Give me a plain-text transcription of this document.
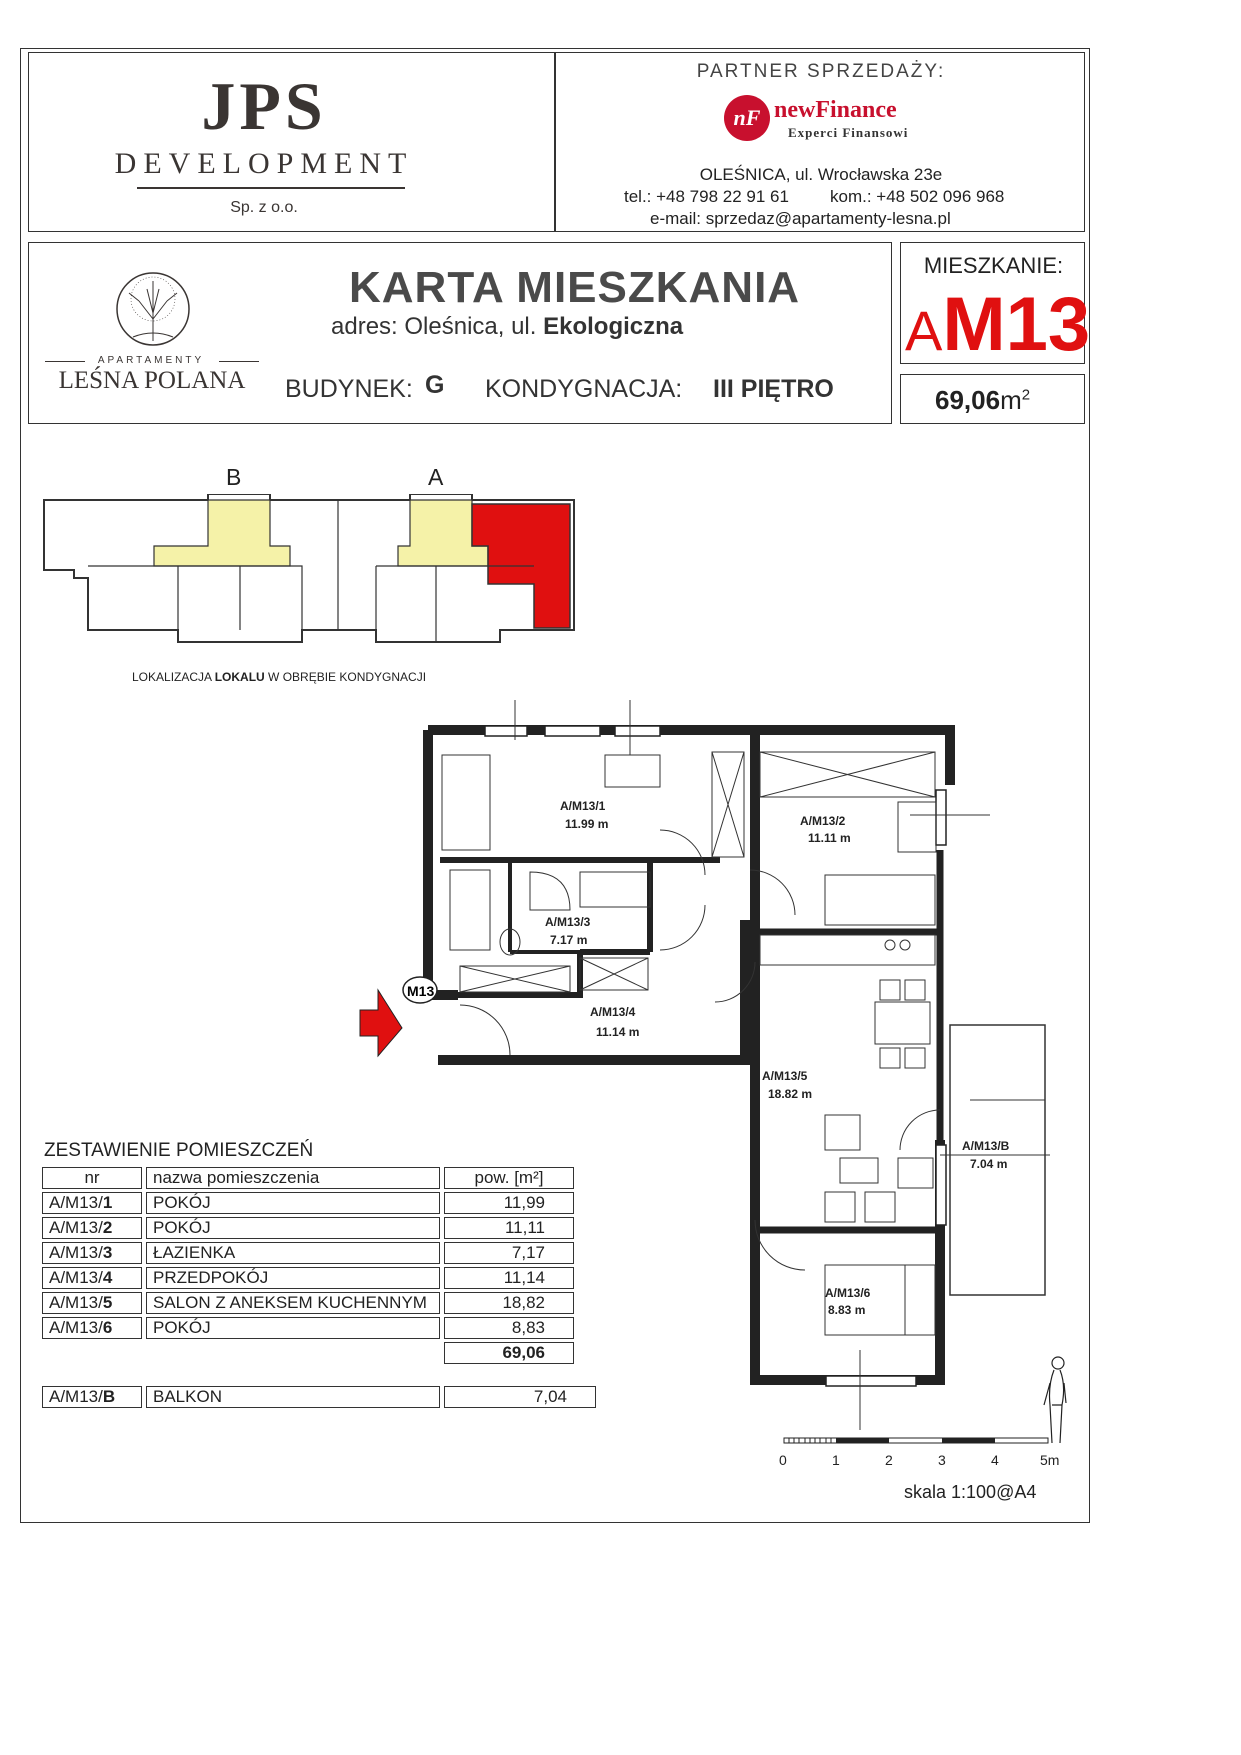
JPS
DEVELOPMENT
Sp. z o.o.
PARTNER SPRZEDAŻY:
nF newFinance
Experci Finansowi
OLEŚNICA, ul. Wrocławska 23e
tel.: +48 798 22 91 61 kom.: +48 502 096 968
e-mail: sprzedaz@apartamenty-lesna.pl
APARTAMENTY
LEŚNA POLANA
KARTA MIESZKANIA
adres: Oleśnica, ul. Ekologiczna
BUDYNEK: G KONDYGNACJA: III PIĘTRO
MIESZKANIE:
AM13
$69,06m^2$
B	A
LOKALIZACJA LOKALU W OBRĘBIE KONDYGNACJI
M13
A/M13/1
11.99 m	A/M13/2
11.11 m
A/M13/3
7.17 m
A/M13/4
11.14 m
A/M13/5
18.82 m
A/M13/6
8.83 m
A/M13/B
7.04 m
ZESTAWIENIE POMIESZCZEŃ
nr	nazwa pomieszczenia	pow. [m²]
A/M13/1	POKÓJ	11,99
A/M13/2	POKÓJ	11,11
A/M13/3	ŁAZIENKA	7,17
A/M13/4	PRZEDPOKÓJ	11,14
A/M13/5	SALON Z ANEKSEM KUCHENNYM	18,82
A/M13/6	POKÓJ	8,83
		69,06
A/M13/B	BALKON	7,04
0	1	2	3	4	5m
skala 1:100@A4
